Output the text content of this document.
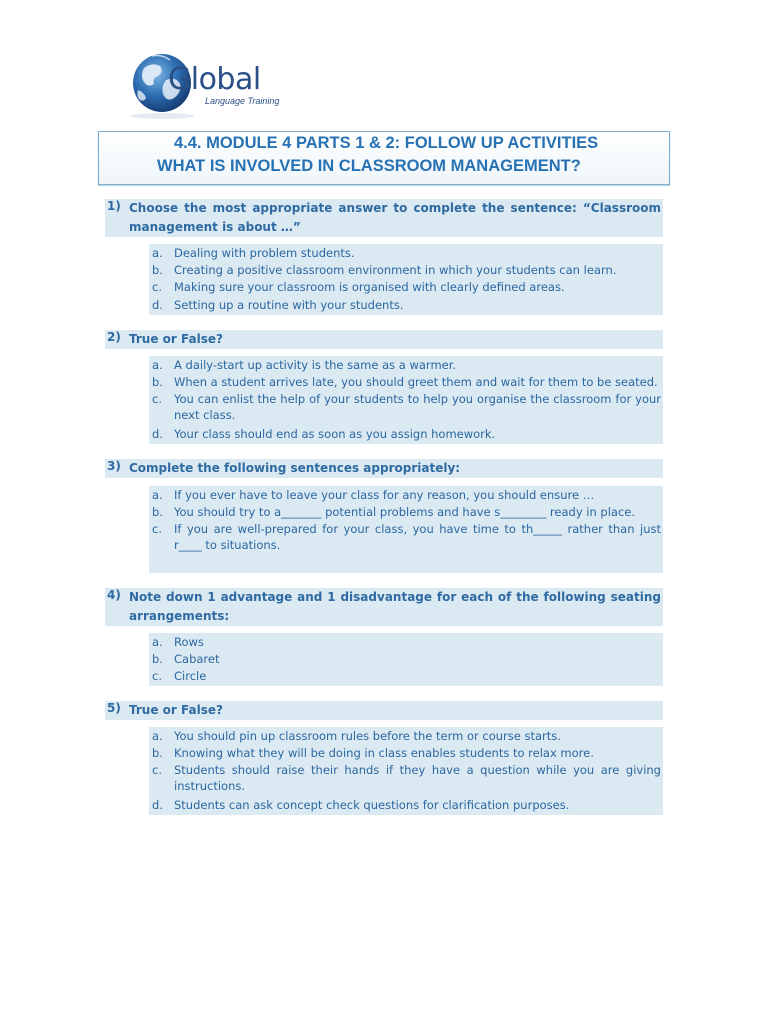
Global
Language Training
4.4. MODULE 4 PARTS 1 & 2: FOLLOW UP ACTIVITIES
WHAT IS INVOLVED IN CLASSROOM MANAGEMENT?
1) Choose the most appropriate answer to complete the sentence: “Classroom management is about …”
a. Dealing with problem students.
b. Creating a positive classroom environment in which your students can learn.
c. Making sure your classroom is organised with clearly defined areas.
d. Setting up a routine with your students.
2) True or False?
a. A daily-start up activity is the same as a warmer.
b. When a student arrives late, you should greet them and wait for them to be seated.
c. You can enlist the help of your students to help you organise the classroom for your next class.
d. Your class should end as soon as you assign homework.
3) Complete the following sentences appropriately:
a. If you ever have to leave your class for any reason, you should ensure …
b. You should try to a_______ potential problems and have s________ ready in place.
c. If you are well-prepared for your class, you have time to th_____ rather than just r____ to situations.
4) Note down 1 advantage and 1 disadvantage for each of the following seating arrangements:
a. Rows
b. Cabaret
c. Circle
5) True or False?
a. You should pin up classroom rules before the term or course starts.
b. Knowing what they will be doing in class enables students to relax more.
c. Students should raise their hands if they have a question while you are giving instructions.
d. Students can ask concept check questions for clarification purposes.
